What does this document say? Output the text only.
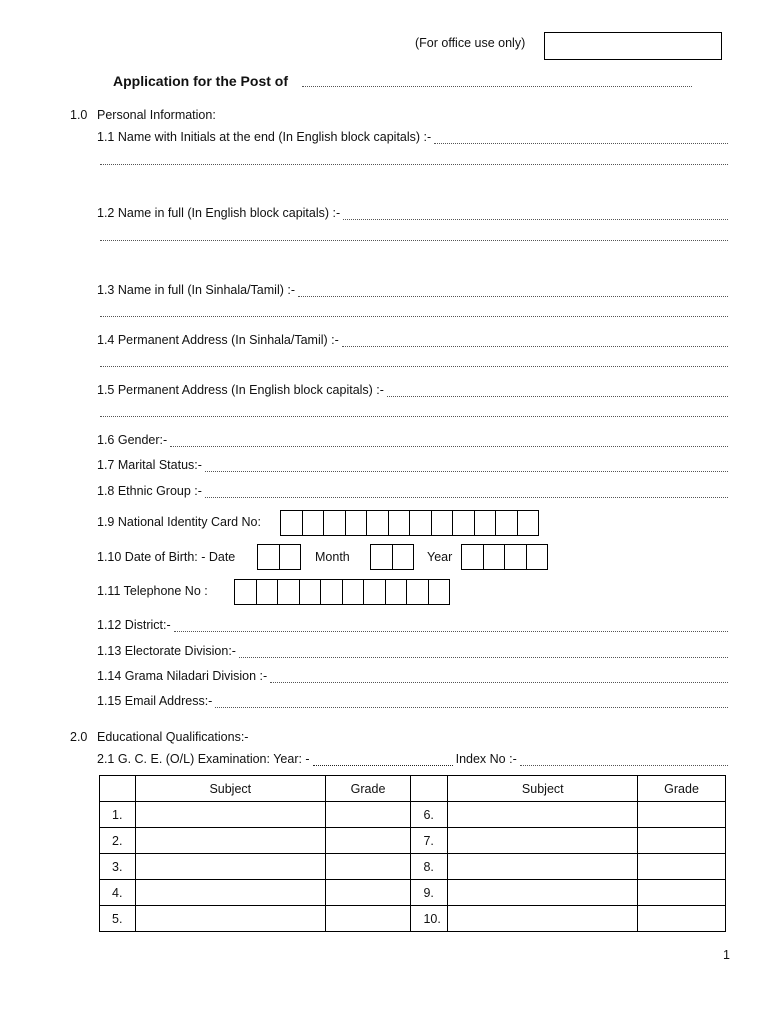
(For office use only)
Application for the Post of
1.0 Personal Information:
1.1 Name with Initials at the end (In English block capitals) :-
1.2 Name in full (In English block capitals) :-
1.3 Name in full (In Sinhala/Tamil) :-
1.4 Permanent Address (In Sinhala/Tamil) :-
1.5 Permanent Address (In English block capitals) :-
1.6 Gender:-
1.7 Marital Status:-
1.8 Ethnic Group :-
1.9 National Identity Card No:
1.10 Date of Birth: - Date	Month	Year
1.11 Telephone No :
1.12 District:-
1.13 Electorate Division:-
1.14 Grama Niladari Division :-
1.15 Email Address:-
2.0 Educational Qualifications:-
2.1 G. C. E. (O/L) Examination: Year: -	Index No :-
	Subject	Grade		Subject	Grade
1.			6.		
2.			7.		
3.			8.		
4.			9.		
5.			10.		
1
